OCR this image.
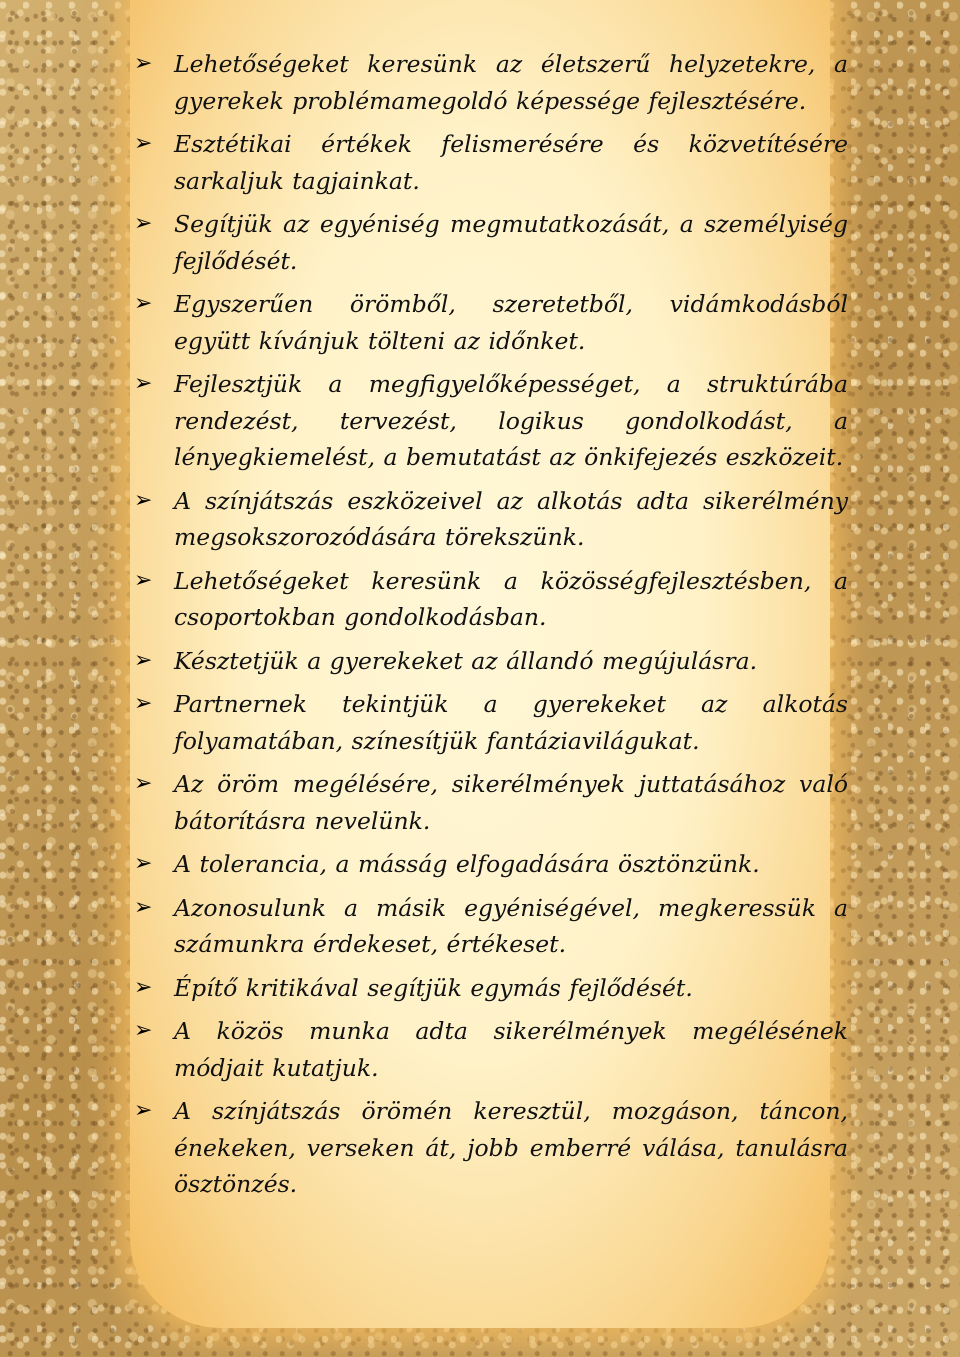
➢ Lehetőségeket keresünk az életszerű helyzetekre, a gyerekek problémamegoldó képessége fejlesztésére.
➢ Esztétikai értékek felismerésére és közvetítésére sarkaljuk tagjainkat.
➢ Segítjük az egyéniség megmutatkozását, a személyiség fejlődését.
➢ Egyszerűen örömből, szeretetből, vidámkodásból együtt kívánjuk tölteni az időnket.
➢ Fejlesztjük a megfigyelőképességet, a struktúrába rendezést, tervezést, logikus gondolkodást, a lényegkiemelést, a bemutatást az önkifejezés eszközeit.
➢ A színjátszás eszközeivel az alkotás adta sikerélmény megsokszorozódására törekszünk.
➢ Lehetőségeket keresünk a közösségfejlesztésben, a csoportokban gondolkodásban.
➢ Késztetjük a gyerekeket az állandó megújulásra.
➢ Partnernek tekintjük a gyerekeket az alkotás folyamatában, színesítjük fantáziavilágukat.
➢ Az öröm megélésére, sikerélmények juttatásához való bátorításra nevelünk.
➢ A tolerancia, a másság elfogadására ösztönzünk.
➢ Azonosulunk a másik egyéniségével, megkeressük a számunkra érdekeset, értékeset.
➢ Építő kritikával segítjük egymás fejlődését.
➢ A közös munka adta sikerélmények megélésének módjait kutatjuk.
➢ A színjátszás örömén keresztül, mozgáson, táncon, énekeken, verseken át, jobb emberré válása, tanulásra ösztönzés.
